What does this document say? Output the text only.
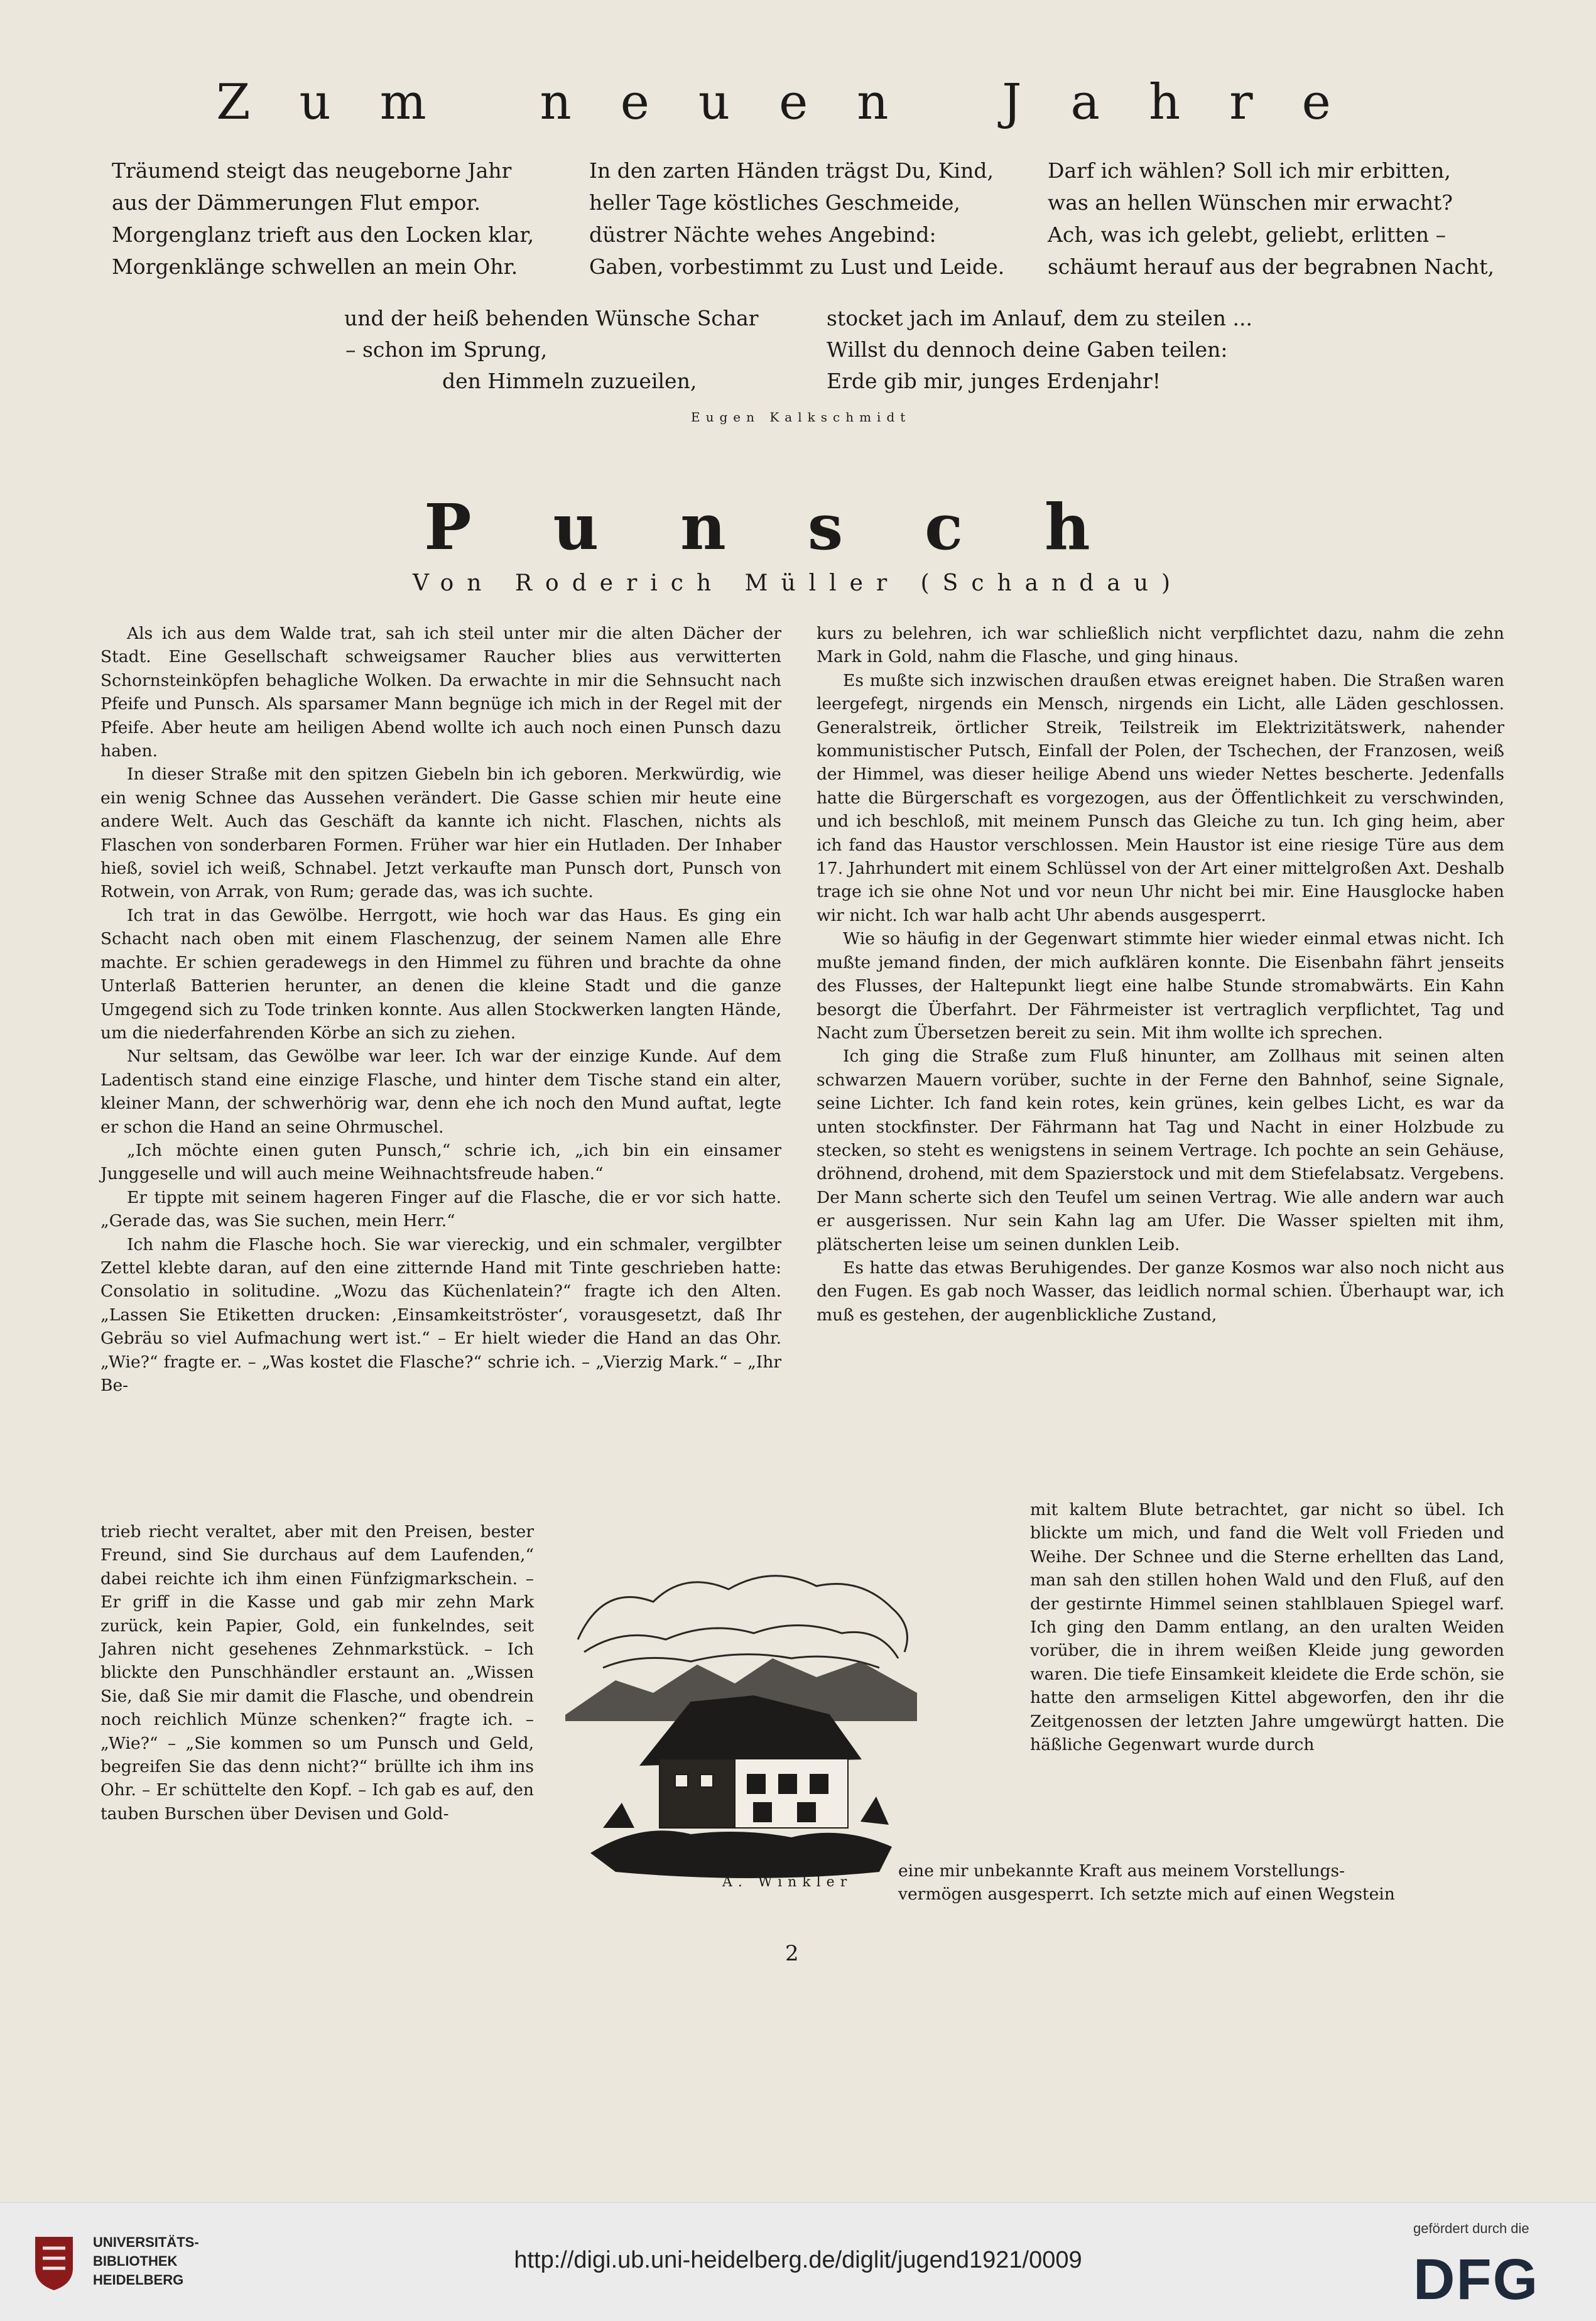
Zum neuen Jahre
Träumend steigt das neugeborne Jahr
aus der Dämmerungen Flut empor.
Morgenglanz trieft aus den Locken klar,
Morgenklänge schwellen an mein Ohr.
In den zarten Händen trägst Du, Kind,
heller Tage köstliches Geschmeide,
düstrer Nächte wehes Angebind:
Gaben, vorbestimmt zu Lust und Leide.
Darf ich wählen? Soll ich mir erbitten,
was an hellen Wünschen mir erwacht?
Ach, was ich gelebt, geliebt, erlitten –
schäumt herauf aus der begrabnen Nacht,
und der heiß behenden Wünsche Schar
– schon im Sprung,
den Himmeln zuzueilen,
stocket jach im Anlauf, dem zu steilen ...
Willst du dennoch deine Gaben teilen:
Erde gib mir, junges Erdenjahr!
Eugen Kalkschmidt
Punsch
Von Roderich Müller (Schandau)

Als ich aus dem Walde trat, sah ich steil unter mir die alten Dächer der Stadt. Eine Gesellschaft schweigsamer Raucher blies aus verwitterten Schornsteinköpfen behagliche Wolken. Da erwachte in mir die Sehnsucht nach Pfeife und Punsch. Als sparsamer Mann begnüge ich mich in der Regel mit der Pfeife. Aber heute am heiligen Abend wollte ich auch noch einen Punsch dazu haben.

In dieser Straße mit den spitzen Giebeln bin ich geboren. Merkwürdig, wie ein wenig Schnee das Aussehen verändert. Die Gasse schien mir heute eine andere Welt. Auch das Geschäft da kannte ich nicht. Flaschen, nichts als Flaschen von sonderbaren Formen. Früher war hier ein Hutladen. Der Inhaber hieß, soviel ich weiß, Schnabel. Jetzt verkaufte man Punsch dort, Punsch von Rotwein, von Arrak, von Rum; gerade das, was ich suchte.

Ich trat in das Gewölbe. Herrgott, wie hoch war das Haus. Es ging ein Schacht nach oben mit einem Flaschenzug, der seinem Namen alle Ehre machte. Er schien geradewegs in den Himmel zu führen und brachte da ohne Unterlaß Batterien herunter, an denen die kleine Stadt und die ganze Umgegend sich zu Tode trinken konnte. Aus allen Stockwerken langten Hände, um die niederfahrenden Körbe an sich zu ziehen.

Nur seltsam, das Gewölbe war leer. Ich war der einzige Kunde. Auf dem Ladentisch stand eine einzige Flasche, und hinter dem Tische stand ein alter, kleiner Mann, der schwerhörig war, denn ehe ich noch den Mund auftat, legte er schon die Hand an seine Ohrmuschel.

„Ich möchte einen guten Punsch,“ schrie ich, „ich bin ein einsamer Junggeselle und will auch meine Weihnachtsfreude haben.“

Er tippte mit seinem hageren Finger auf die Flasche, die er vor sich hatte. „Gerade das, was Sie suchen, mein Herr.“

Ich nahm die Flasche hoch. Sie war viereckig, und ein schmaler, vergilbter Zettel klebte daran, auf den eine zitternde Hand mit Tinte geschrieben hatte: Consolatio in solitudine. „Wozu das Küchenlatein?“ fragte ich den Alten. „Lassen Sie Etiketten drucken: ‚Einsamkeitströster‘, vorausgesetzt, daß Ihr Gebräu so viel Aufmachung wert ist.“ – Er hielt wieder die Hand an das Ohr. „Wie?“ fragte er. – „Was kostet die Flasche?“ schrie ich. – „Vierzig Mark.“ – „Ihr Be-

trieb riecht veraltet, aber mit den Preisen, bester Freund, sind Sie durchaus auf dem Laufenden,“ dabei reichte ich ihm einen Fünfzigmarkschein. – Er griff in die Kasse und gab mir zehn Mark zurück, kein Papier, Gold, ein funkelndes, seit Jahren nicht gesehenes Zehnmarkstück. – Ich blickte den Punschhändler erstaunt an. „Wissen Sie, daß Sie mir damit die Flasche, und obendrein noch reichlich Münze schenken?“ fragte ich. – „Wie?“ – „Sie kommen so um Punsch und Geld, begreifen Sie das denn nicht?“ brüllte ich ihm ins Ohr. – Er schüttelte den Kopf. – Ich gab es auf, den tauben Burschen über Devisen und Gold-

kurs zu belehren, ich war schließlich nicht verpflichtet dazu, nahm die zehn Mark in Gold, nahm die Flasche, und ging hinaus.

Es mußte sich inzwischen draußen etwas ereignet haben. Die Straßen waren leergefegt, nirgends ein Mensch, nirgends ein Licht, alle Läden geschlossen. Generalstreik, örtlicher Streik, Teilstreik im Elektrizitätswerk, nahender kommunistischer Putsch, Einfall der Polen, der Tschechen, der Franzosen, weiß der Himmel, was dieser heilige Abend uns wieder Nettes bescherte. Jedenfalls hatte die Bürgerschaft es vorgezogen, aus der Öffentlichkeit zu verschwinden, und ich beschloß, mit meinem Punsch das Gleiche zu tun. Ich ging heim, aber ich fand das Haustor verschlossen. Mein Haustor ist eine riesige Türe aus dem 17. Jahrhundert mit einem Schlüssel von der Art einer mittelgroßen Axt. Deshalb trage ich sie ohne Not und vor neun Uhr nicht bei mir. Eine Hausglocke haben wir nicht. Ich war halb acht Uhr abends ausgesperrt.

Wie so häufig in der Gegenwart stimmte hier wieder einmal etwas nicht. Ich mußte jemand finden, der mich aufklären konnte. Die Eisenbahn fährt jenseits des Flusses, der Haltepunkt liegt eine halbe Stunde stromabwärts. Ein Kahn besorgt die Überfahrt. Der Fährmeister ist vertraglich verpflichtet, Tag und Nacht zum Übersetzen bereit zu sein. Mit ihm wollte ich sprechen.

Ich ging die Straße zum Fluß hinunter, am Zollhaus mit seinen alten schwarzen Mauern vorüber, suchte in der Ferne den Bahnhof, seine Signale, seine Lichter. Ich fand kein rotes, kein grünes, kein gelbes Licht, es war da unten stockfinster. Der Fährmann hat Tag und Nacht in einer Holzbude zu stecken, so steht es wenigstens in seinem Vertrage. Ich pochte an sein Gehäuse, dröhnend, drohend, mit dem Spazierstock und mit dem Stiefelabsatz. Vergebens. Der Mann scherte sich den Teufel um seinen Vertrag. Wie alle andern war auch er ausgerissen. Nur sein Kahn lag am Ufer. Die Wasser spielten mit ihm, plätscherten leise um seinen dunklen Leib.

Es hatte das etwas Beruhigendes. Der ganze Kosmos war also noch nicht aus den Fugen. Es gab noch Wasser, das leidlich normal schien. Überhaupt war, ich muß es gestehen, der augenblickliche Zustand,

mit kaltem Blute betrachtet, gar nicht so übel. Ich blickte um mich, und fand die Welt voll Frieden und Weihe. Der Schnee und die Sterne erhellten das Land, man sah den stillen hohen Wald und den Fluß, auf den der gestirnte Himmel seinen stahlblauen Spiegel warf. Ich ging den Damm entlang, an den uralten Weiden vorüber, die in ihrem weißen Kleide jung geworden waren. Die tiefe Einsamkeit kleidete die Erde schön, sie hatte den armseligen Kittel abgeworfen, den ihr die Zeitgenossen der letzten Jahre umgewürgt hatten. Die häßliche Gegenwart wurde durch

eine mir unbekannte Kraft aus meinem Vorstellungs-
vermögen ausgesperrt. Ich setzte mich auf einen Wegstein
A. Winkler
2
UNIVERSITÄTS-
BIBLIOTHEK
HEIDELBERG
http://digi.ub.uni-heidelberg.de/diglit/jugend1921/0009
gefördert durch die
DFG
